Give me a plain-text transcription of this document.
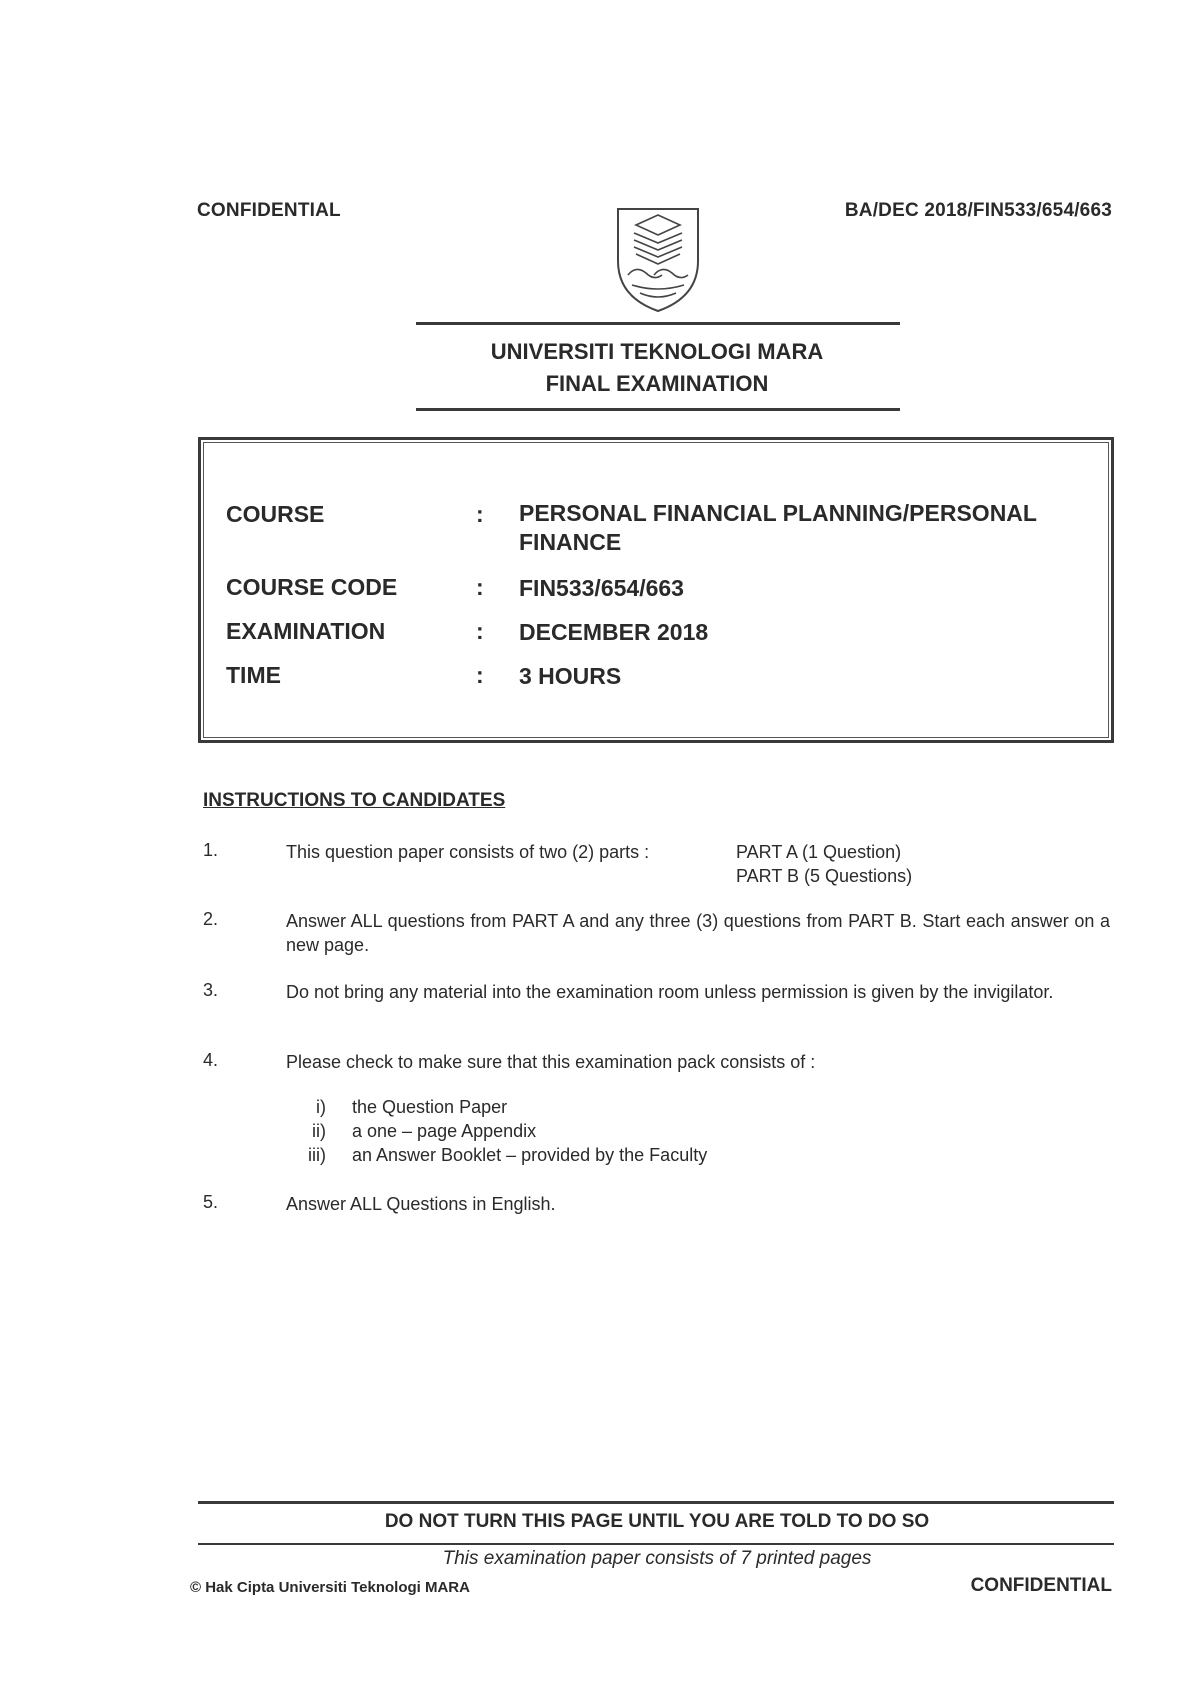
CONFIDENTIAL	BA/DEC 2018/FIN533/654/663
UNIVERSITI TEKNOLOGI MARA
FINAL EXAMINATION
COURSE	: PERSONAL FINANCIAL PLANNING/PERSONAL FINANCE
COURSE CODE	: FIN533/654/663
EXAMINATION	: DECEMBER 2018
TIME	: 3 HOURS
INSTRUCTIONS TO CANDIDATES
1.	This question paper consists of two (2) parts :	PART A (1 Question)
PART B (5 Questions)
2.	Answer ALL questions from PART A and any three (3) questions from PART B. Start each answer on a new page.
3.	Do not bring any material into the examination room unless permission is given by the invigilator.
4.	Please check to make sure that this examination pack consists of :
i) the Question Paper
ii) a one – page Appendix
iii) an Answer Booklet – provided by the Faculty
5.	Answer ALL Questions in English.
DO NOT TURN THIS PAGE UNTIL YOU ARE TOLD TO DO SO
This examination paper consists of 7 printed pages
© Hak Cipta Universiti Teknologi MARA	CONFIDENTIAL
